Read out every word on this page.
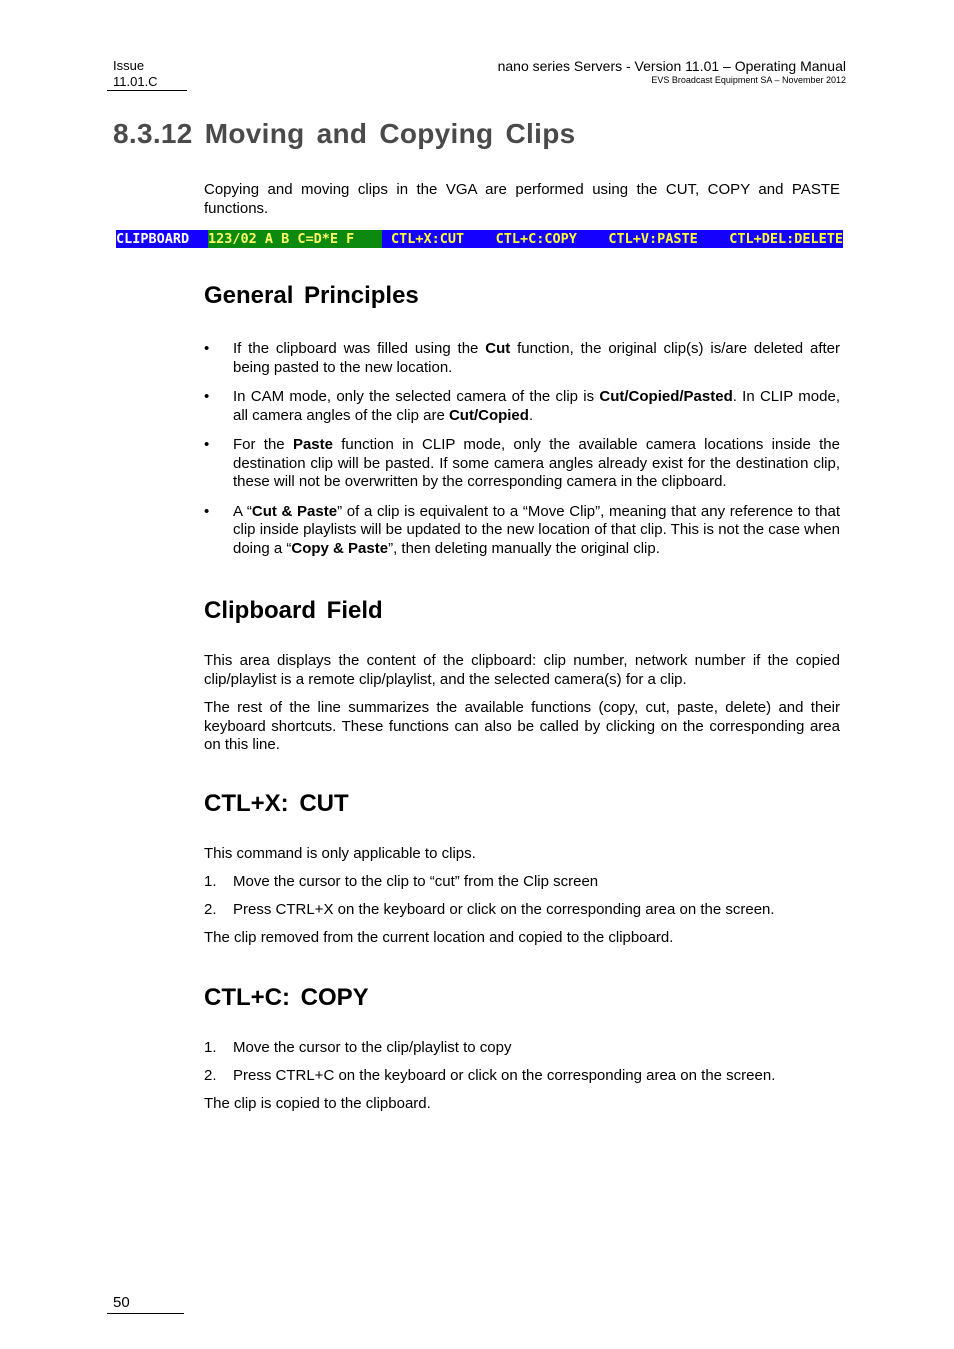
Issue
11.01.C
nano series Servers - Version 11.01 – Operating Manual
EVS Broadcast Equipment SA – November 2012
8.3.12 Moving and Copying Clips

Copying and moving clips in the VGA are performed using the CUT, COPY and PASTE functions.

CLIPBOARD	123/02 A B C=D*E F	CTL+X:CUT CTL+C:COPY CTL+V:PASTE CTL+DEL:DELETE
General Principles
• If the clipboard was filled using the Cut function, the original clip(s) is/are deleted after being pasted to the new location.
• In CAM mode, only the selected camera of the clip is Cut/Copied/Pasted. In CLIP mode, all camera angles of the clip are Cut/Copied.
• For the Paste function in CLIP mode, only the available camera locations inside the destination clip will be pasted. If some camera angles already exist for the destination clip, these will not be overwritten by the corresponding camera in the clipboard.
• A “Cut & Paste” of a clip is equivalent to a “Move Clip”, meaning that any reference to that clip inside playlists will be updated to the new location of that clip. This is not the case when doing a “Copy & Paste”, then deleting manually the original clip.
Clipboard Field

This area displays the content of the clipboard: clip number, network number if the copied clip/playlist is a remote clip/playlist, and the selected camera(s) for a clip.

The rest of the line summarizes the available functions (copy, cut, paste, delete) and their keyboard shortcuts. These functions can also be called by clicking on the corresponding area on this line.

CTL+X: CUT

This command is only applicable to clips.

1. Move the cursor to the clip to “cut” from the Clip screen
2. Press CTRL+X on the keyboard or click on the corresponding area on the screen.

The clip removed from the current location and copied to the clipboard.

CTL+C: COPY
1. Move the cursor to the clip/playlist to copy
2. Press CTRL+C on the keyboard or click on the corresponding area on the screen.

The clip is copied to the clipboard.

50
